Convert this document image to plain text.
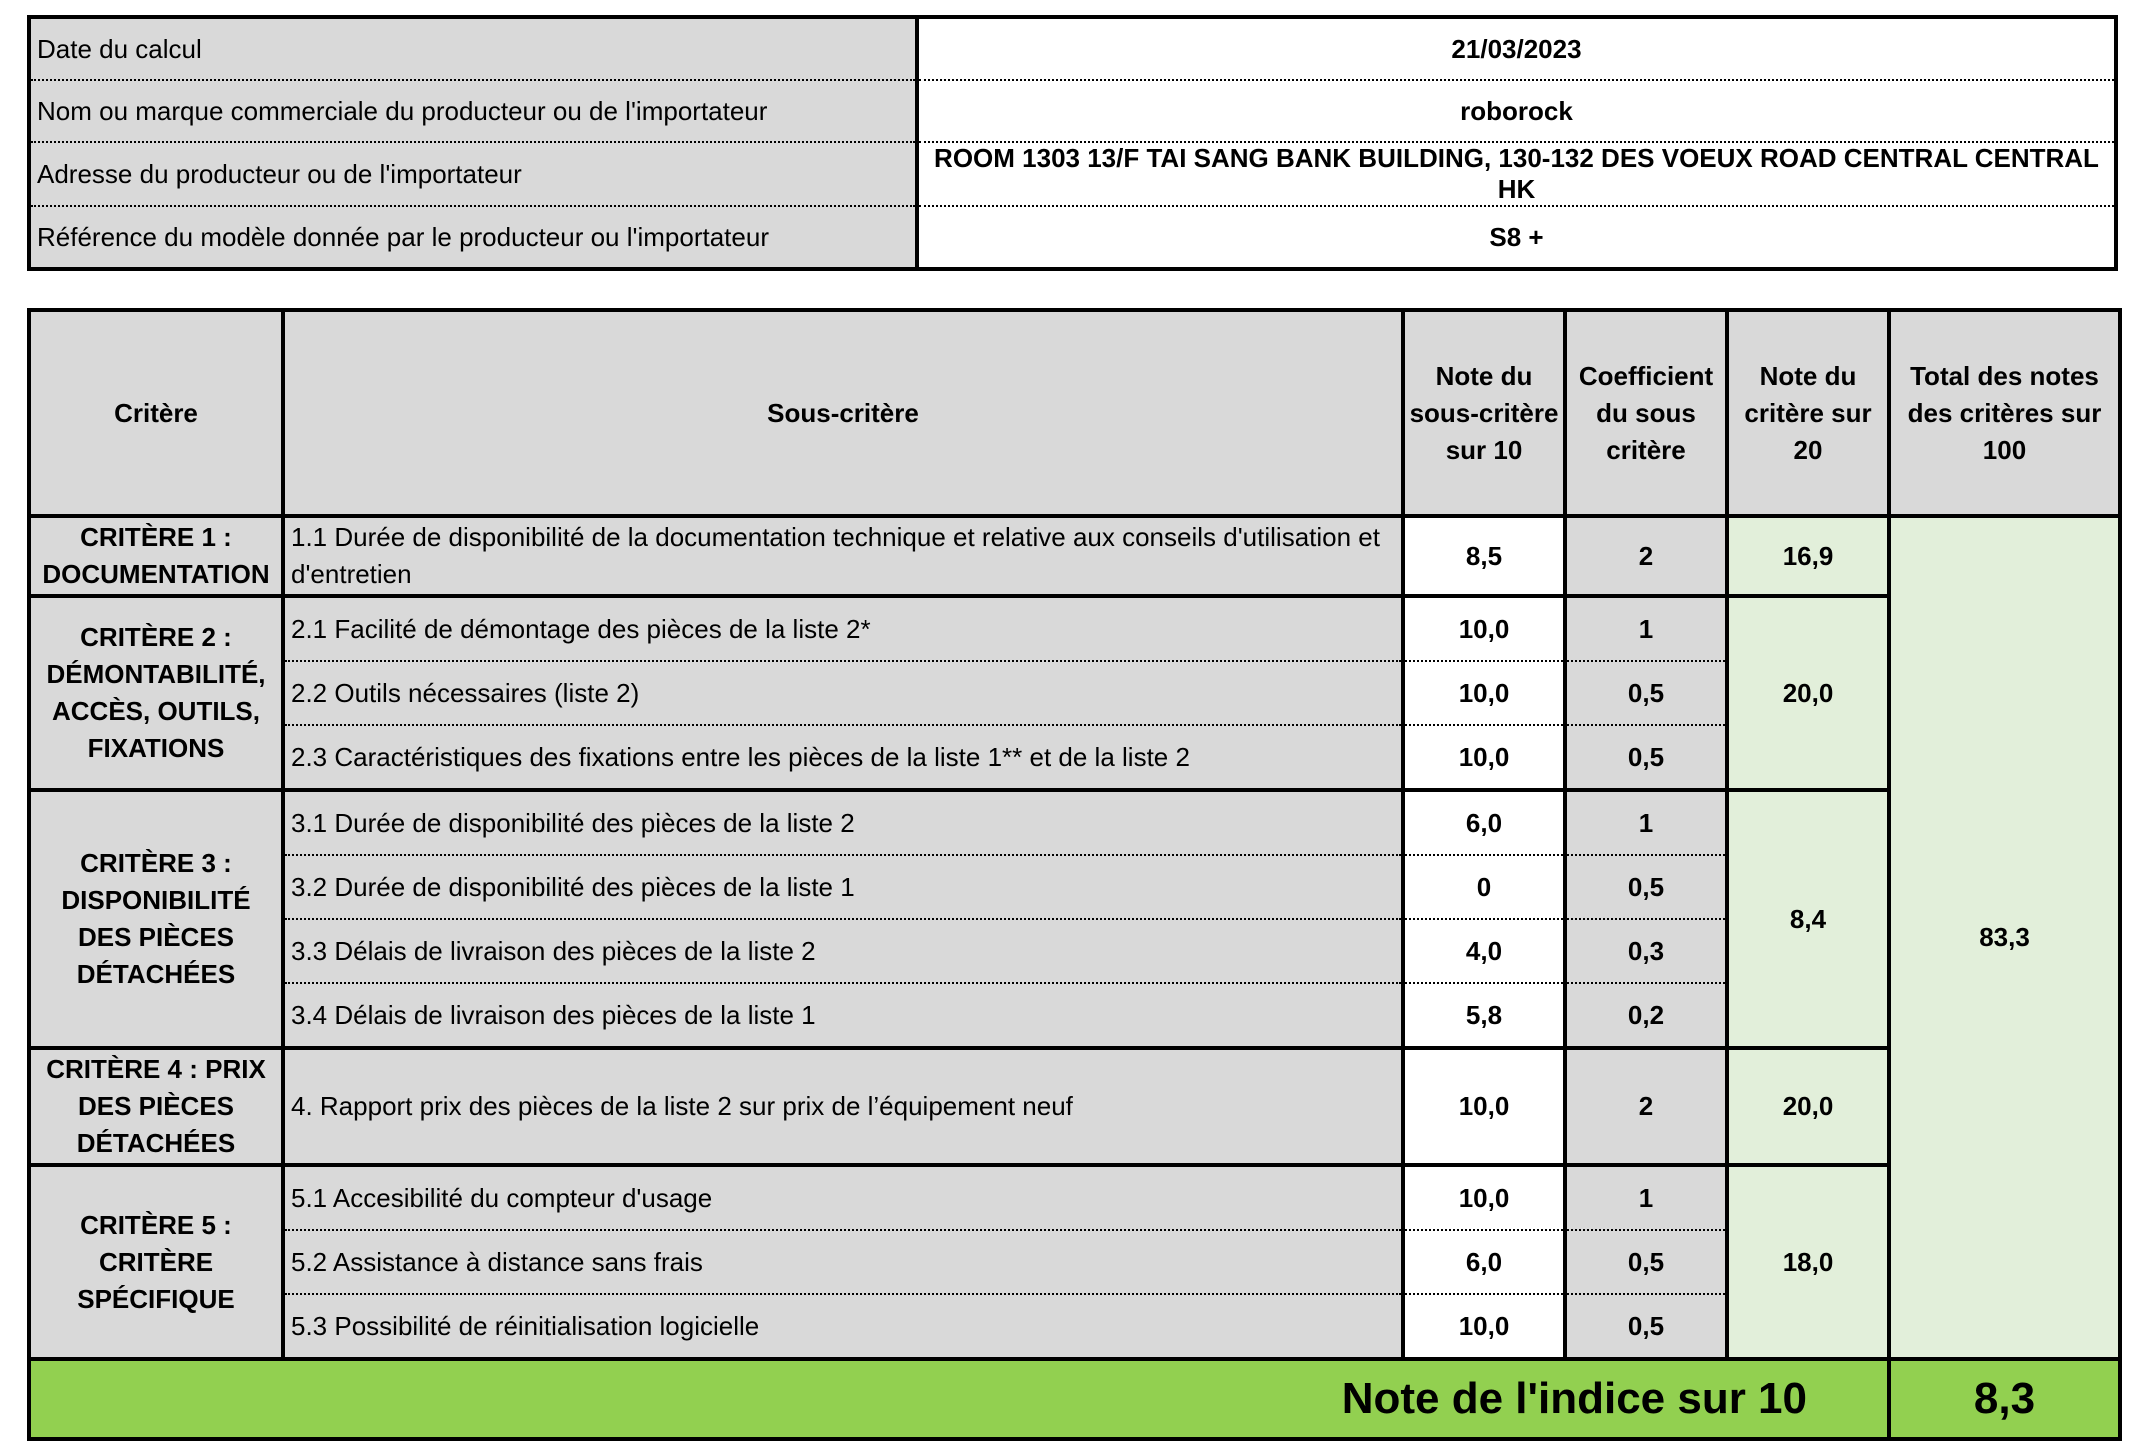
Date du calcul	21/03/2023
Nom ou marque commerciale du producteur ou de l'importateur	roborock
Adresse du producteur ou de l'importateur	ROOM 1303 13/F TAI SANG BANK BUILDING, 130-132 DES VOEUX ROAD CENTRAL CENTRAL HK
Référence du modèle donnée par le producteur ou l'importateur	S8 +
Critère	Sous-critère	Note du sous-critère sur 10	Coefficient du sous critère	Note du critère sur 20	Total des notes des critères sur 100
CRITÈRE 1 : DOCUMENTATION	1.1 Durée de disponibilité de la documentation technique et relative aux conseils d'utilisation et d'entretien	8,5	2	16,9	83,3
CRITÈRE 2 : DÉMONTABILITÉ, ACCÈS, OUTILS, FIXATIONS	2.1 Facilité de démontage des pièces de la liste 2*	10,0	1	20,0	
	2.2 Outils nécessaires (liste 2)	10,0	0,5		
	2.3 Caractéristiques des fixations entre les pièces de la liste 1** et de la liste 2	10,0	0,5		
CRITÈRE 3 : DISPONIBILITÉ DES PIÈCES DÉTACHÉES	3.1 Durée de disponibilité des pièces de la liste 2	6,0	1	8,4	
	3.2 Durée de disponibilité des pièces de la liste 1	0	0,5		
	3.3 Délais de livraison des pièces de la liste 2	4,0	0,3		
	3.4 Délais de livraison des pièces de la liste 1	5,8	0,2		
CRITÈRE 4 : PRIX DES PIÈCES DÉTACHÉES	4. Rapport prix des pièces de la liste 2 sur prix de l’équipement neuf	10,0	2	20,0	
CRITÈRE 5 : CRITÈRE SPÉCIFIQUE	5.1 Accesibilité du compteur d'usage	10,0	1	18,0	
	5.2 Assistance à distance sans frais	6,0	0,5		
	5.3 Possibilité de réinitialisation logicielle	10,0	0,5		
Note de l'indice sur 10					8,3
